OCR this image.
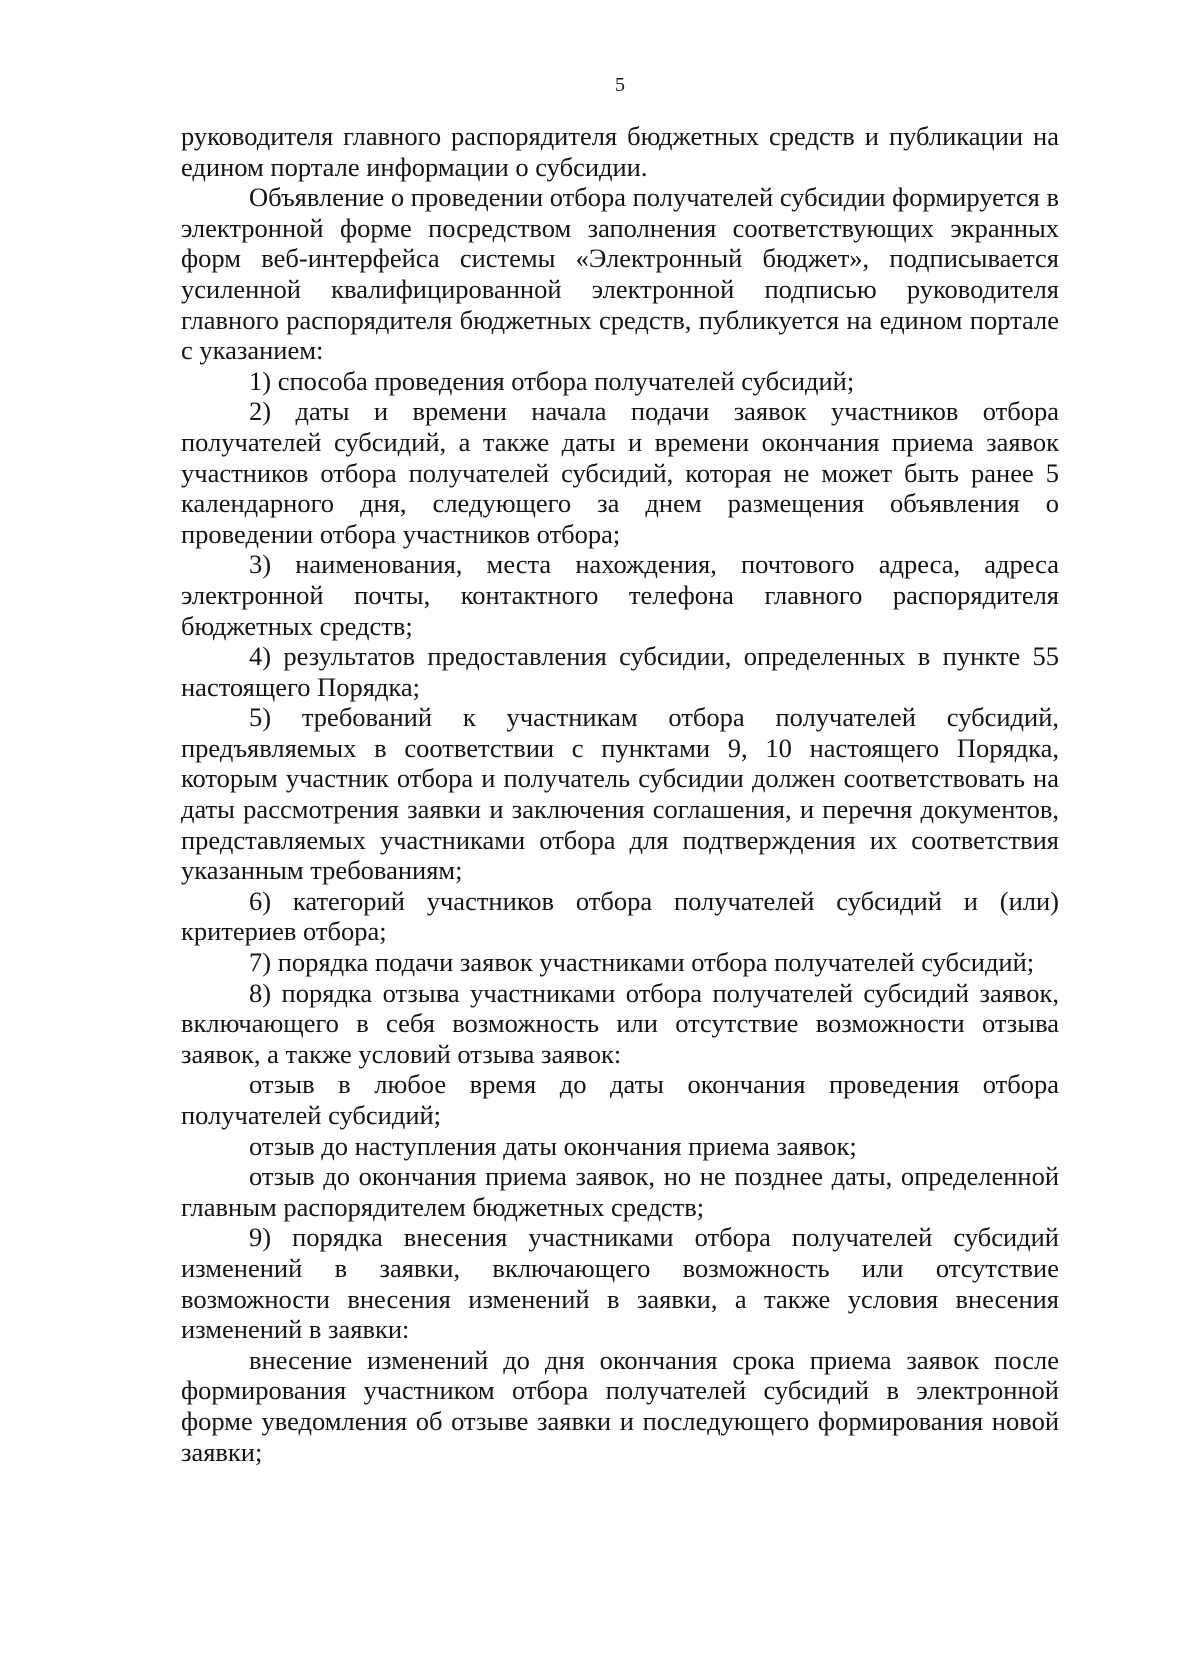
5

руководителя главного распорядителя бюджетных средств и публикации на едином портале информации о субсидии.

Объявление о проведении отбора получателей субсидии формируется в электронной форме посредством заполнения соответствующих экранных форм веб-интерфейса системы «Электронный бюджет», подписывается усиленной квалифицированной электронной подписью руководителя главного распорядителя бюджетных средств, публикуется на едином портале с указанием:

1) способа проведения отбора получателей субсидий;

2) даты и времени начала подачи заявок участников отбора получателей субсидий, а также даты и времени окончания приема заявок участников отбора получателей субсидий, которая не может быть ранее 5 календарного дня, следующего за днем размещения объявления о проведении отбора участников отбора;

3) наименования, места нахождения, почтового адреса, адреса электронной почты, контактного телефона главного распорядителя бюджетных средств;

4) результатов предоставления субсидии, определенных в пункте 55 настоящего Порядка;

5) требований к участникам отбора получателей субсидий, предъявляемых в соответствии с пунктами 9, 10 настоящего Порядка, которым участник отбора и получатель субсидии должен соответствовать на даты рассмотрения заявки и заключения соглашения, и перечня документов, представляемых участниками отбора для подтверждения их соответствия указанным требованиям;

6) категорий участников отбора получателей субсидий и (или) критериев отбора;

7) порядка подачи заявок участниками отбора получателей субсидий;

8) порядка отзыва участниками отбора получателей субсидий заявок, включающего в себя возможность или отсутствие возможности отзыва заявок, а также условий отзыва заявок:

отзыв в любое время до даты окончания проведения отбора получателей субсидий;

отзыв до наступления даты окончания приема заявок;

отзыв до окончания приема заявок, но не позднее даты, определенной главным распорядителем бюджетных средств;

9) порядка внесения участниками отбора получателей субсидий изменений в заявки, включающего возможность или отсутствие возможности внесения изменений в заявки, а также условия внесения изменений в заявки:

внесение изменений до дня окончания срока приема заявок после формирования участником отбора получателей субсидий в электронной форме уведомления об отзыве заявки и последующего формирования новой заявки;
